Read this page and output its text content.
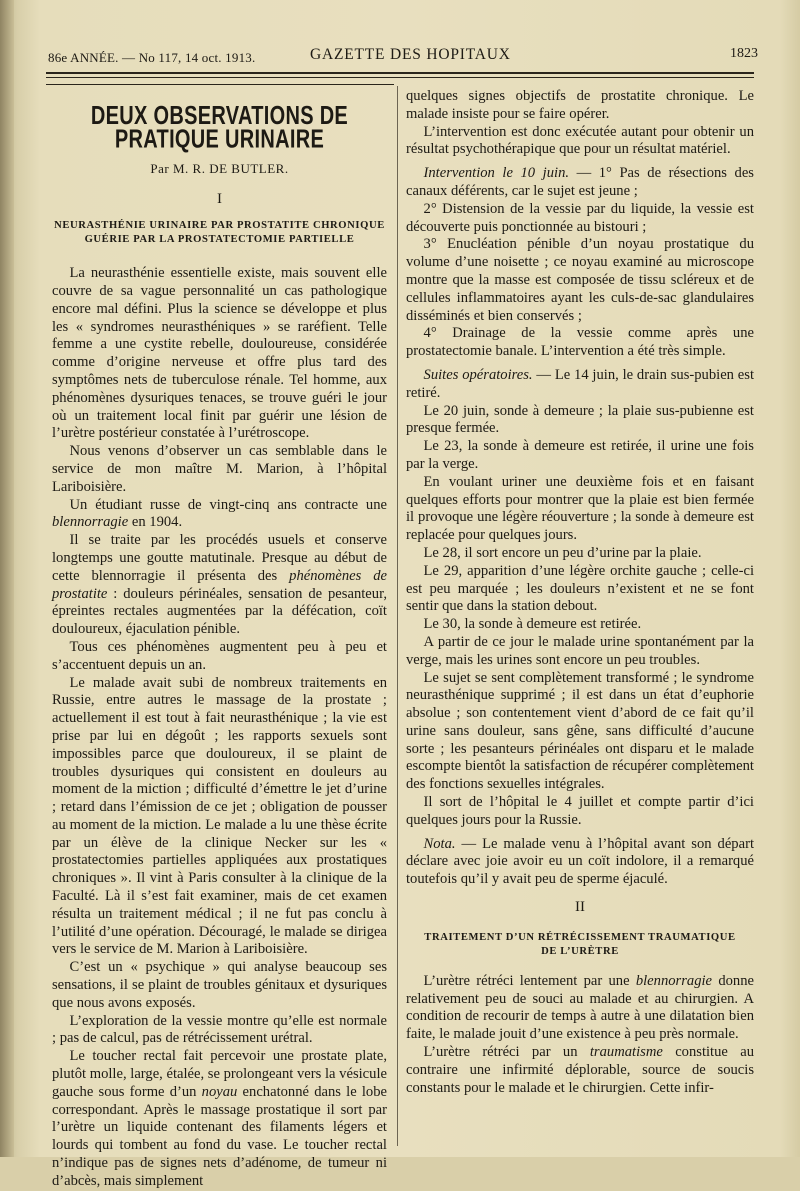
86e ANNÉE. — No 117, 14 oct. 1913.	GAZETTE DES HOPITAUX	1823
DEUX OBSERVATIONS DE PRATIQUE URINAIRE
Par M. R. DE BUTLER.
I
NEURASTHÉNIE URINAIRE PAR PROSTATITE CHRONIQUE
GUÉRIE PAR LA PROSTATECTOMIE PARTIELLE

La neurasthénie essentielle existe, mais souvent elle couvre de sa vague personnalité un cas pathologique encore mal défini. Plus la science se développe et plus les « syndromes neurasthéniques » se raréfient. Telle femme a une cystite rebelle, douloureuse, considérée comme d’origine nerveuse et offre plus tard des symptômes nets de tuberculose rénale. Tel homme, aux phénomènes dysuriques tenaces, se trouve guéri le jour où un traitement local finit par guérir une lésion de l’urètre postérieur constatée à l’urétroscope.

Nous venons d’observer un cas semblable dans le service de mon maître M. Marion, à l’hôpital Lariboisière.

Un étudiant russe de vingt-cinq ans contracte une blennorragie en 1904.

Il se traite par les procédés usuels et conserve longtemps une goutte matutinale. Presque au début de cette blennorragie il présenta des phénomènes de prostatite : douleurs périnéales, sensation de pesanteur, épreintes rectales augmentées par la défécation, coït douloureux, éjaculation pénible.

Tous ces phénomènes augmentent peu à peu et s’accentuent depuis un an.

Le malade avait subi de nombreux traitements en Russie, entre autres le massage de la prostate ; actuellement il est tout à fait neurasthénique ; la vie est prise par lui en dégoût ; les rapports sexuels sont impossibles parce que douloureux, il se plaint de troubles dysuriques qui consistent en douleurs au moment de la miction ; difficulté d’émettre le jet d’urine ; retard dans l’émission de ce jet ; obligation de pousser au moment de la miction. Le malade a lu une thèse écrite par un élève de la clinique Necker sur les « prostatectomies partielles appliquées aux prostatiques chroniques ». Il vint à Paris consulter à la clinique de la Faculté. Là il s’est fait examiner, mais de cet examen résulta un traitement médical ; il ne fut pas conclu à l’utilité d’une opération. Découragé, le malade se dirigea vers le service de M. Marion à Lariboisière.

C’est un « psychique » qui analyse beaucoup ses sensations, il se plaint de troubles génitaux et dysuriques que nous avons exposés.

L’exploration de la vessie montre qu’elle est normale ; pas de calcul, pas de rétrécissement urétral.

Le toucher rectal fait percevoir une prostate plate, plutôt molle, large, étalée, se prolongeant vers la vésicule gauche sous forme d’un noyau enchatonné dans le lobe correspondant. Après le massage prostatique il sort par l’urètre un liquide contenant des filaments légers et lourds qui tombent au fond du vase. Le toucher rectal n’indique pas de signes nets d’adénome, de tumeur ni d’abcès, mais simplement

quelques signes objectifs de prostatite chronique. Le malade insiste pour se faire opérer.

L’intervention est donc exécutée autant pour obtenir un résultat psychothérapique que pour un résultat matériel.

Intervention le 10 juin. — 1° Pas de résections des canaux déférents, car le sujet est jeune ;

2° Distension de la vessie par du liquide, la vessie est découverte puis ponctionnée au bistouri ;

3° Enucléation pénible d’un noyau prostatique du volume d’une noisette ; ce noyau examiné au microscope montre que la masse est composée de tissu scléreux et de cellules inflammatoires ayant les culs-de-sac glandulaires disséminés et bien conservés ;

4° Drainage de la vessie comme après une prostatectomie banale. L’intervention a été très simple.

Suites opératoires. — Le 14 juin, le drain sus-pubien est retiré.

Le 20 juin, sonde à demeure ; la plaie sus-pubienne est presque fermée.

Le 23, la sonde à demeure est retirée, il urine une fois par la verge.

En voulant uriner une deuxième fois et en faisant quelques efforts pour montrer que la plaie est bien fermée il provoque une légère réouverture ; la sonde à demeure est replacée pour quelques jours.

Le 28, il sort encore un peu d’urine par la plaie.

Le 29, apparition d’une légère orchite gauche ; celle-ci est peu marquée ; les douleurs n’existent et ne se font sentir que dans la station debout.

Le 30, la sonde à demeure est retirée.

A partir de ce jour le malade urine spontanément par la verge, mais les urines sont encore un peu troubles.

Le sujet se sent complètement transformé ; le syndrome neurasthénique supprimé ; il est dans un état d’euphorie absolue ; son contentement vient d’abord de ce fait qu’il urine sans douleur, sans gêne, sans difficulté d’aucune sorte ; les pesanteurs périnéales ont disparu et le malade escompte bientôt la satisfaction de récupérer complètement des fonctions sexuelles intégrales.

Il sort de l’hôpital le 4 juillet et compte partir d’ici quelques jours pour la Russie.

Nota. — Le malade venu à l’hôpital avant son départ déclare avec joie avoir eu un coït indolore, il a remarqué toutefois qu’il y avait peu de sperme éjaculé.

II
TRAITEMENT D’UN RÉTRÉCISSEMENT TRAUMATIQUE
DE L’URÈTRE

L’urètre rétréci lentement par une blennorragie donne relativement peu de souci au malade et au chirurgien. A condition de recourir de temps à autre à une dilatation bien faite, le malade jouit d’une existence à peu près normale.

L’urètre rétréci par un traumatisme constitue au contraire une infirmité déplorable, source de soucis constants pour le malade et le chirurgien. Cette infir-
